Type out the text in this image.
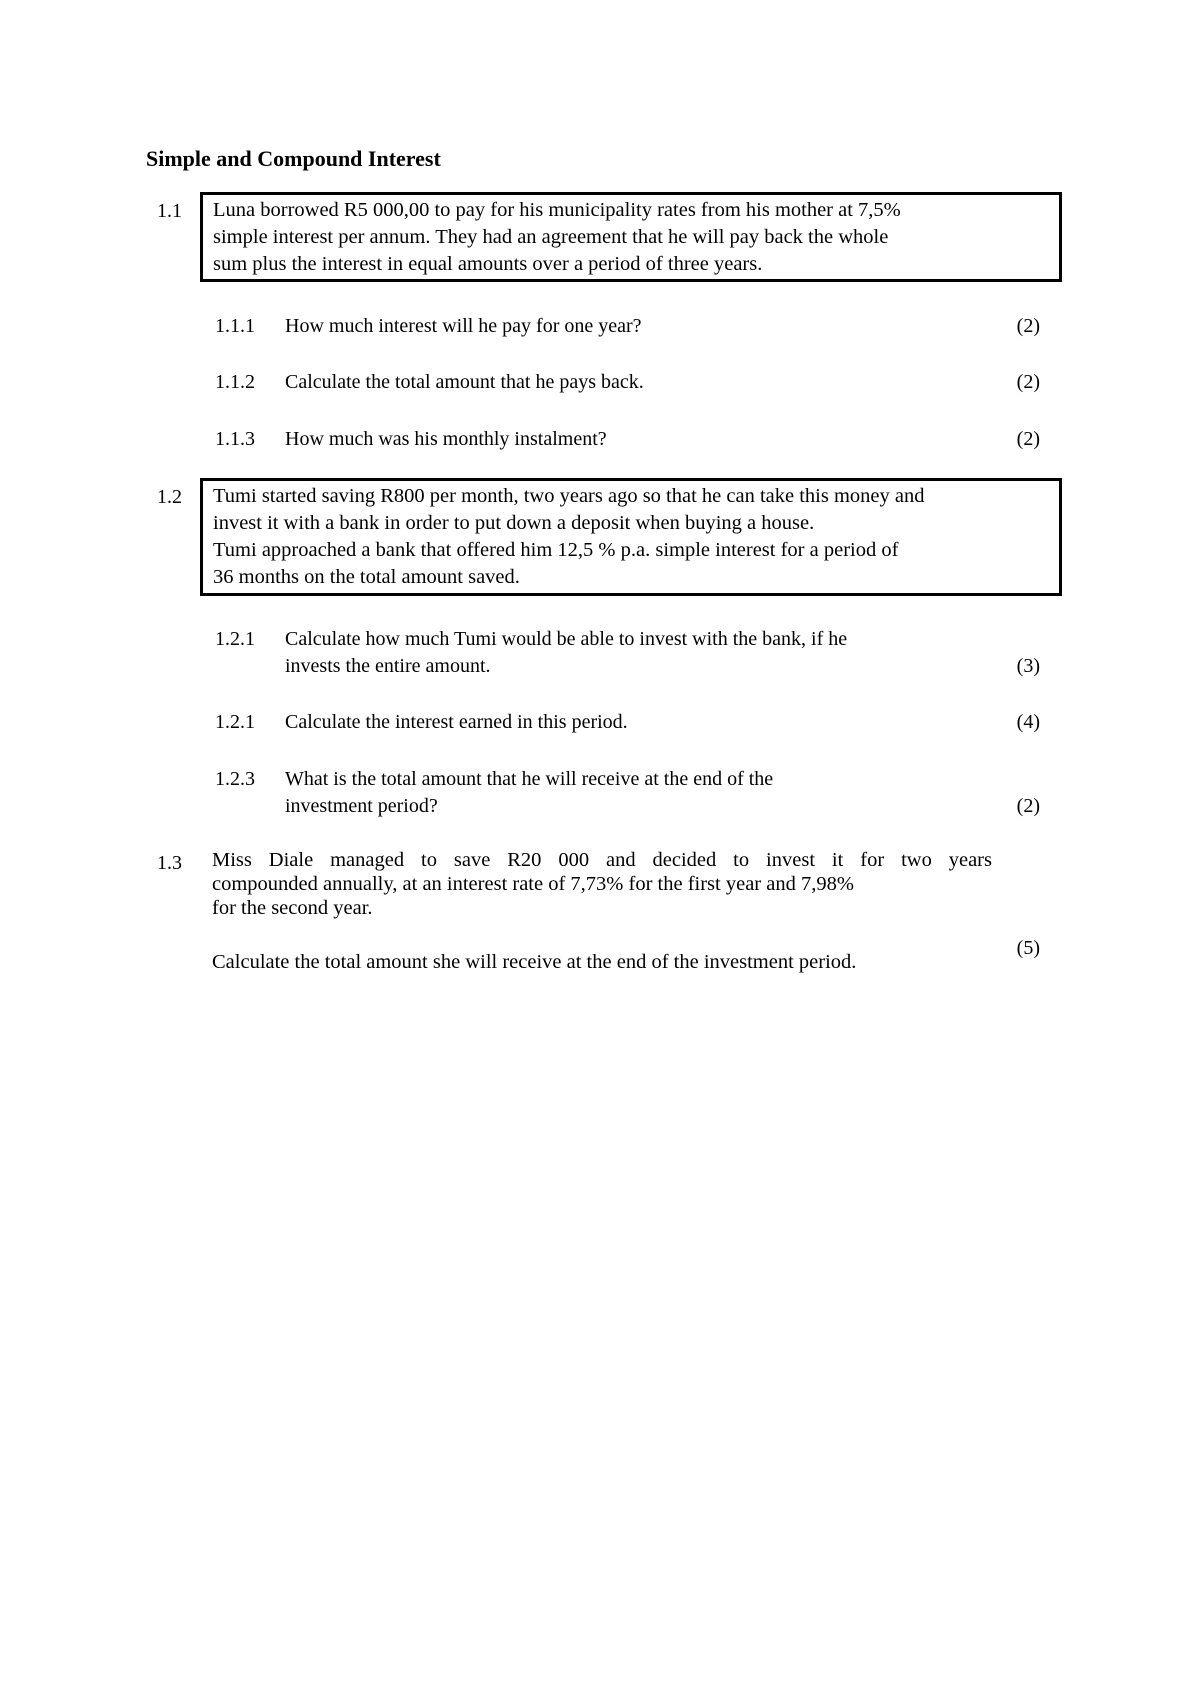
Simple and Compound Interest
1.1 Luna borrowed R5 000,00 to pay for his municipality rates from his mother at 7,5%
simple interest per annum. They had an agreement that he will pay back the whole
sum plus the interest in equal amounts over a period of three years.
1.1.1 How much interest will he pay for one year?	(2)
1.1.2 Calculate the total amount that he pays back.	(2)
1.1.3 How much was his monthly instalment?	(2)
1.2 Tumi started saving R800 per month, two years ago so that he can take this money and
invest it with a bank in order to put down a deposit when buying a house.
Tumi approached a bank that offered him 12,5 % p.a. simple interest for a period of
36 months on the total amount saved.
1.2.1 Calculate how much Tumi would be able to invest with the bank, if he
invests the entire amount.	(3)
1.2.1 Calculate the interest earned in this period.	(4)
1.2.3 What is the total amount that he will receive at the end of the
investment period?	(2)
1.3 Miss Diale managed to save R20 000 and decided to invest it for two years
compounded annually, at an interest rate of 7,73% for the first year and 7,98%
for the second year.
Calculate the total amount she will receive at the end of the investment period.
(5)
